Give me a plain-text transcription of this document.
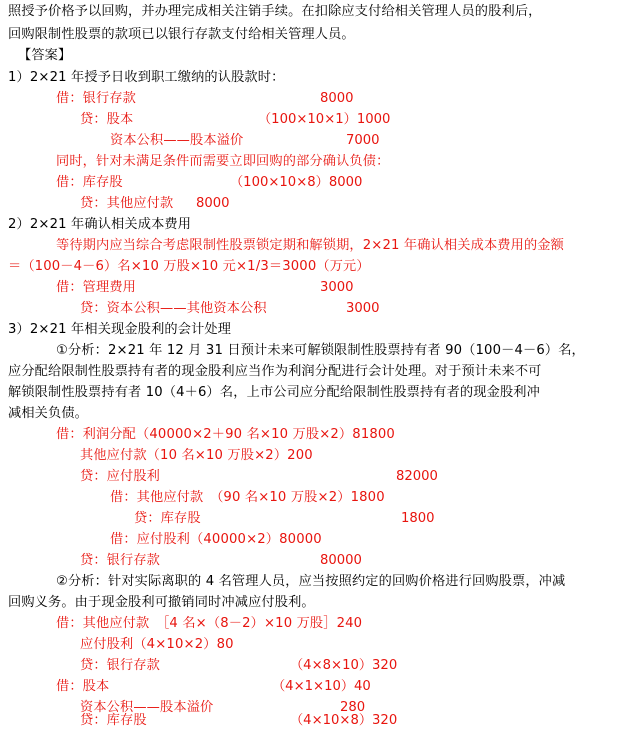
照授予价格予以回购，并办理完成相关注销手续。在扣除应支付给相关管理人员的股利后，
回购限制性股票的款项已以银行存款支付给相关管理人员。
【答案】
1）2×21 年授予日收到职工缴纳的认股款时：
借：银行存款	8000
贷：股本	（100×10×1）1000
资本公积——股本溢价	7000
同时，针对未满足条件而需要立即回购的部分确认负债：
借：库存股	（100×10×8）8000
贷：其他应付款 8000
2）2×21 年确认相关成本费用
等待期内应当综合考虑限制性股票锁定期和解锁期，2×21 年确认相关成本费用的金额
＝（100－4－6）名×10 万股×10 元×1/3＝3000（万元）
借：管理费用	3000
贷：资本公积——其他资本公积	3000
3）2×21 年相关现金股利的会计处理
①分析：2×21 年 12 月 31 日预计未来可解锁限制性股票持有者 90（100－4－6）名，
应分配给限制性股票持有者的现金股利应当作为利润分配进行会计处理。对于预计未来不可
解锁限制性股票持有者 10（4＋6）名，上市公司应分配给限制性股票持有者的现金股利冲
减相关负债。
借：利润分配（40000×2＋90 名×10 万股×2）81800
其他应付款（10 名×10 万股×2）200
贷：应付股利	82000
借：其他应付款　（90 名×10 万股×2）1800
贷：库存股	1800
借：应付股利（40000×2）80000
贷：银行存款	80000
②分析：针对实际离职的 4 名管理人员，应当按照约定的回购价格进行回购股票，冲减
回购义务。由于现金股利可撤销同时冲减应付股利。
借：其他应付款　［4 名×（8－2）×10 万股］240
应付股利（4×10×2）80
贷：银行存款	（4×8×10）320
借：股本	（4×1×10）40
资本公积——股本溢价	280
贷：库存股	（4×10×8）320
